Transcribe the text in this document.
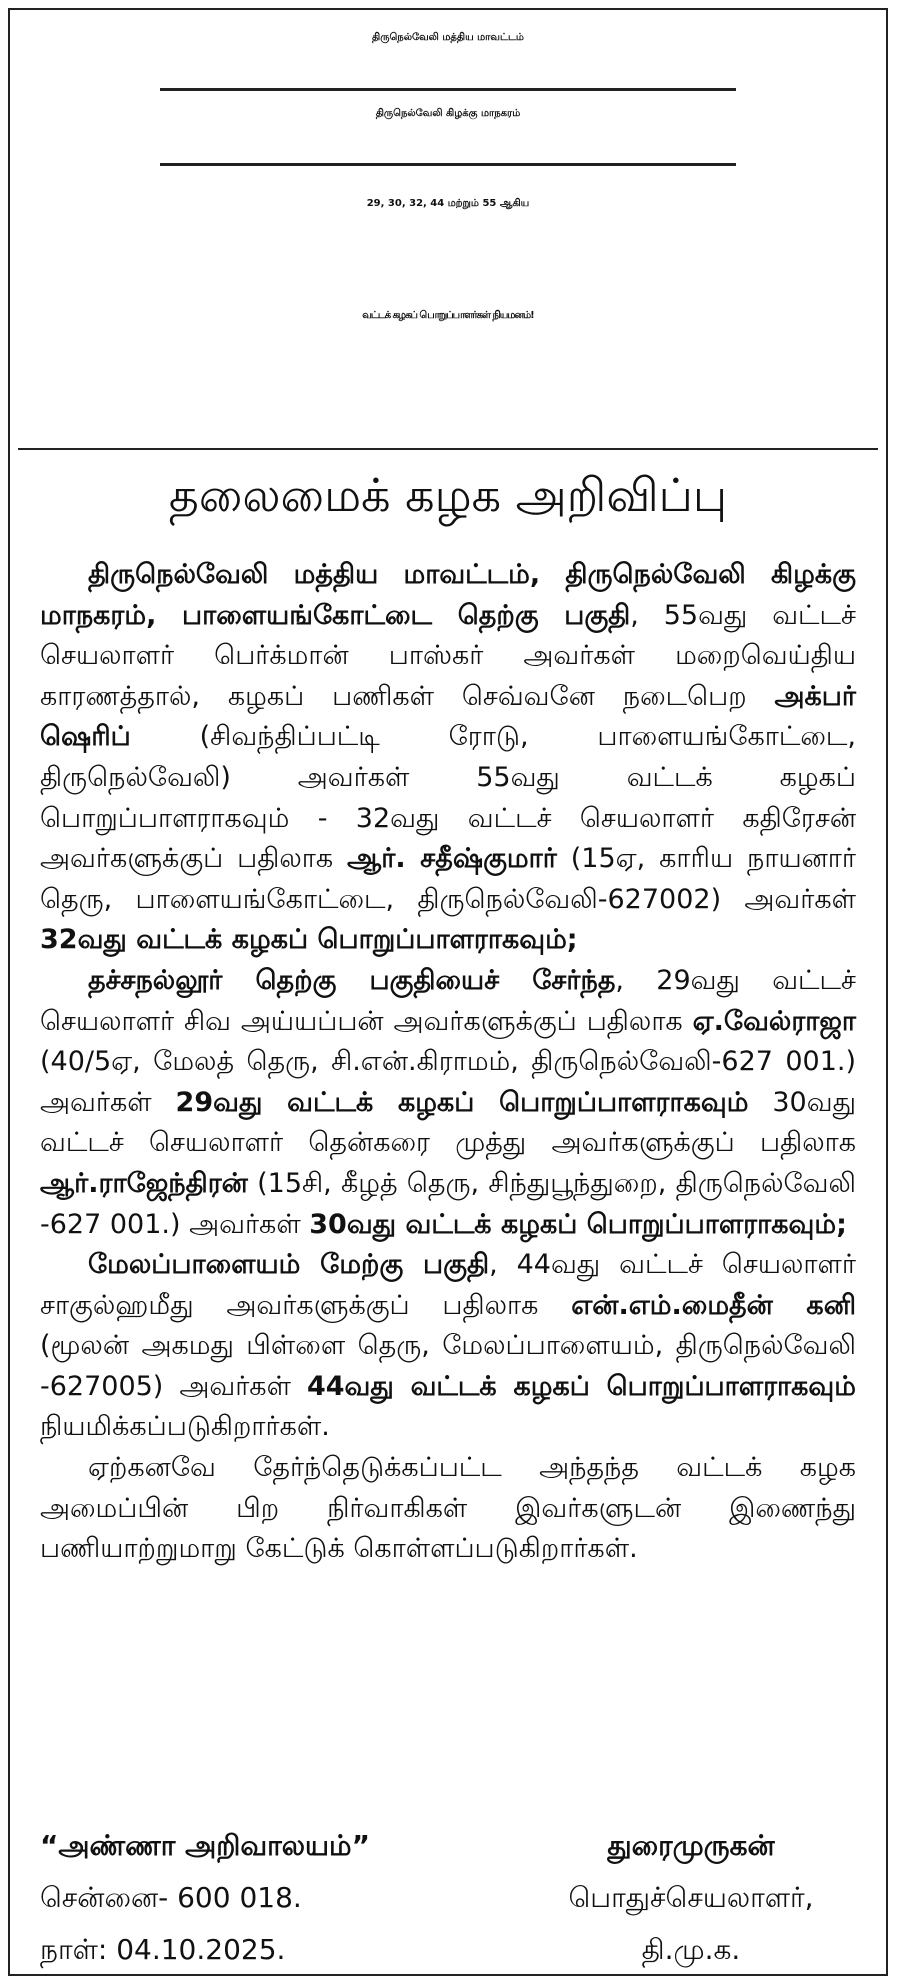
திருநெல்வேலி மத்திய மாவட்டம்
திருநெல்வேலி கிழக்கு மாநகரம்
29, 30, 32, 44 மற்றும் 55 ஆகிய
வட்டக் கழகப் பொறுப்பாளர்கள் நியமனம்!
தலைமைக் கழக அறிவிப்பு

திருநெல்வேலி மத்திய மாவட்டம், திருநெல்வேலி கிழக்கு மாநகரம், பாளையங்கோட்டை தெற்கு பகுதி, 55வது வட்டச் செயலாளர் பெர்க்மான் பாஸ்கர் அவர்கள் மறைவெய்திய காரணத்தால், கழகப் பணிகள் செவ்வனே நடைபெற அக்பர் ஷெரிப் (சிவந்திப்பட்டி ரோடு, பாளையங்கோட்டை, திருநெல்வேலி) அவர்கள் 55வது வட்டக் கழகப் பொறுப்பாளராகவும் - 32வது வட்டச் செயலாளர் கதிரேசன் அவர்களுக்குப் பதிலாக ஆர். சதீஷ்குமார் (15ஏ, காரிய நாயனார் தெரு, பாளையங்கோட்டை, திருநெல்வேலி-627002) அவர்கள் 32வது வட்டக் கழகப் பொறுப்பாளராகவும்;

தச்சநல்லூர் தெற்கு பகுதியைச் சேர்ந்த, 29வது வட்டச் செயலாளர் சிவ அய்யப்பன் அவர்களுக்குப் பதிலாக ஏ.வேல்ராஜா (40/5ஏ, மேலத் தெரு, சி.என்.கிராமம், திருநெல்வேலி-627 001.) அவர்கள் 29வது வட்டக் கழகப் பொறுப்பாளராகவும் 30வது வட்டச் செயலாளர் தென்கரை முத்து அவர்களுக்குப் பதிலாக ஆர்.ராஜேந்திரன் (15சி, கீழத் தெரு, சிந்துபூந்துறை, திருநெல்வேலி -627 001.) அவர்கள் 30வது வட்டக் கழகப் பொறுப்பாளராகவும்;

மேலப்பாளையம் மேற்கு பகுதி, 44வது வட்டச் செயலாளர் சாகுல்ஹமீது அவர்களுக்குப் பதிலாக என்.எம்.மைதீன் கனி (மூலன் அகமது பிள்ளை தெரு, மேலப்பாளையம், திருநெல்வேலி -627005) அவர்கள் 44வது வட்டக் கழகப் பொறுப்பாளராகவும் நியமிக்கப்படுகிறார்கள்.

ஏற்கனவே தேர்ந்தெடுக்கப்பட்ட அந்தந்த வட்டக் கழக அமைப்பின் பிற நிர்வாகிகள் இவர்களுடன் இணைந்து பணியாற்றுமாறு கேட்டுக் கொள்ளப்படுகிறார்கள்.

“அண்ணா அறிவாலயம்”
சென்னை- 600 018.
நாள்: 04.10.2025.
துரைமுருகன்
பொதுச்செயலாளர்,
தி.மு.க.
